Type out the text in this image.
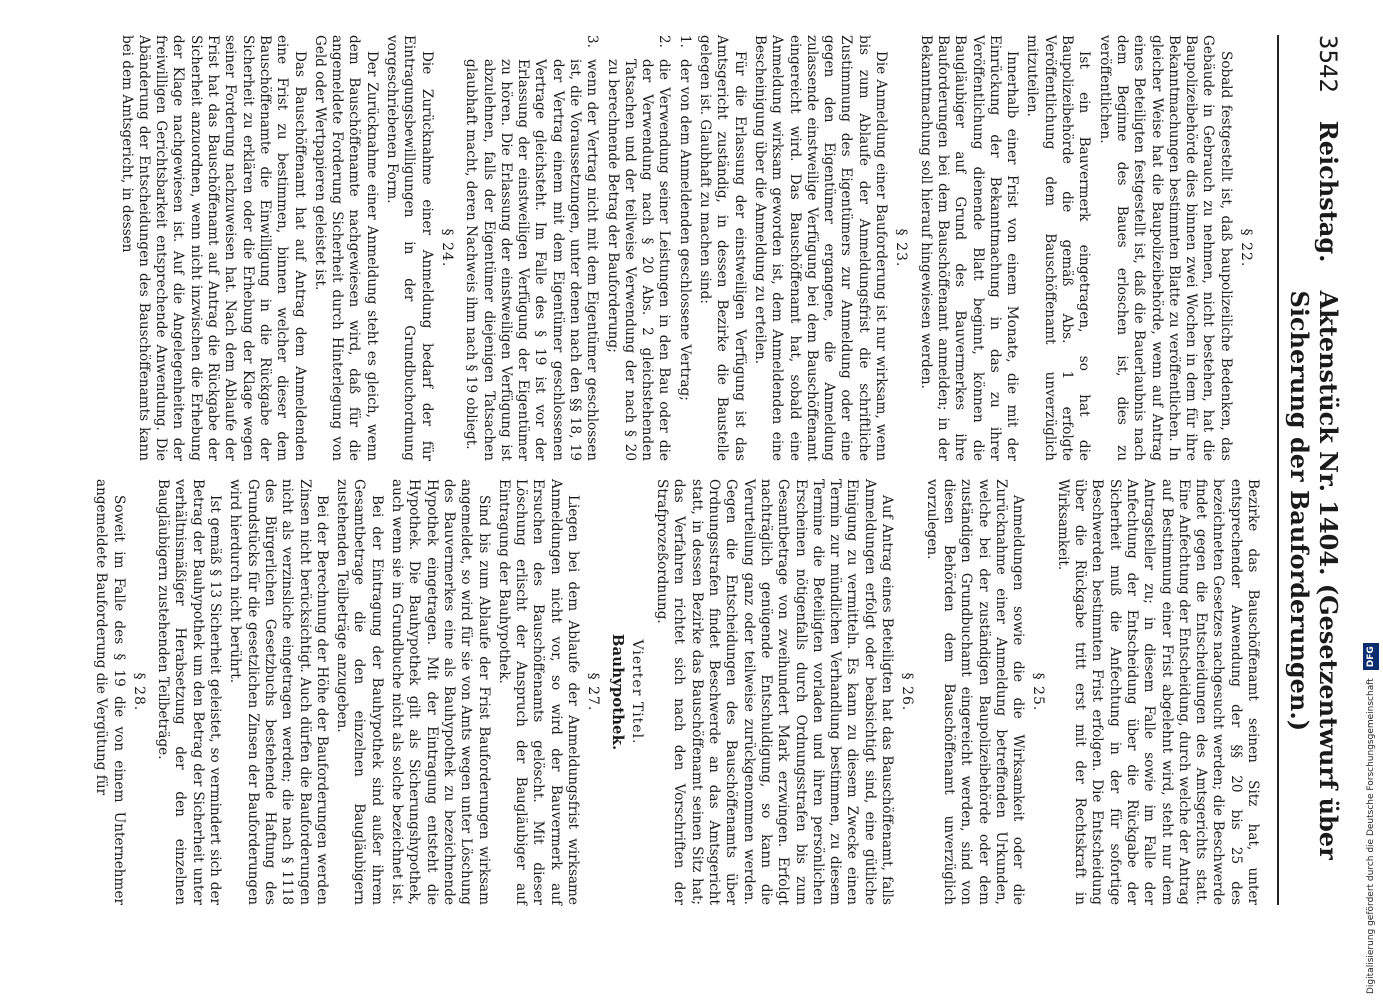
3542
Reichstag.
Aktenstück Nr. 1404. (Gesetzentwurf über Sicherung der Bauforderungen.)
§ 22.

Sobald festgestellt ist, daß baupolizeiliche Bedenken, das Gebäude in Gebrauch zu nehmen, nicht bestehen, hat die Baupolizeibehörde dies binnen zwei Wochen in dem für ihre Bekanntmachungen bestimmten Blatte zu veröffentlichen. In gleicher Weise hat die Baupolizeibehörde, wenn auf Antrag eines Beteiligten festgestellt ist, daß die Bauerlaubnis nach dem Beginne des Baues erloschen ist, dies zu veröffentlichen.

Ist ein Bauvermerk eingetragen, so hat die Baupolizeibehörde die gemäß Abs. 1 erfolgte Veröffentlichung dem Bauschöffenamt unverzüglich mitzuteilen.

Innerhalb einer Frist von einem Monate, die mit der Einrückung der Bekanntmachung in das zu ihrer Veröffentlichung dienende Blatt beginnt, können die Baugläubiger auf Grund des Bauvermerkes ihre Bauforderungen bei dem Bauschöffenamt anmelden; in der Bekanntmachung soll hierauf hingewiesen werden.

§ 23.

Die Anmeldung einer Bauforderung ist nur wirksam, wenn bis zum Ablaufe der Anmeldungsfrist die schriftliche Zustimmung des Eigentümers zur Anmeldung oder eine gegen den Eigentümer ergangene, die Anmeldung zulassende einstweilige Verfügung bei dem Bauschöffenamt eingereicht wird. Das Bauschöffenamt hat, sobald eine Anmeldung wirksam geworden ist, dem Anmeldenden eine Bescheinigung über die Anmeldung zu erteilen.

Für die Erlassung der einstweiligen Verfügung ist das Amtsgericht zuständig, in dessen Bezirke die Baustelle gelegen ist. Glaubhaft zu machen sind:

1.
der von dem Anmeldenden geschlossene Vertrag;
2.
die Verwendung seiner Leistungen in den Bau oder die der Verwendung nach § 20 Abs. 2 gleichstehenden Tatsachen und der teilweise Verwendung der nach § 20 zu berechnende Betrag der Bauforderung;
3.
wenn der Vertrag nicht mit dem Eigentümer geschlossen ist, die Voraussetzungen, unter denen nach den §§ 18, 19 der Vertrag einem mit dem Eigentümer geschlossenen Vertrage gleichsteht. Im Falle des § 19 ist vor der Erlassung der einstweiligen Verfügung der Eigentümer zu hören. Die Erlassung der einstweiligen Verfügung ist abzulehnen, falls der Eigentümer diejenigen Tatsachen glaubhaft macht, deren Nachweis ihm nach § 19 obliegt.
§ 24.

Die Zurücknahme einer Anmeldung bedarf der für Eintragungsbewilligungen in der Grundbuchordnung vorgeschriebenen Form.

Der Zurücknahme einer Anmeldung steht es gleich, wenn dem Bauschöffenamte nachgewiesen wird, daß für die angemeldete Forderung Sicherheit durch Hinterlegung von Geld oder Wertpapieren geleistet ist.

Das Bauschöffenamt hat auf Antrag dem Anmeldenden eine Frist zu bestimmen, binnen welcher dieser dem Bauschöffenamte die Einwilligung in die Rückgabe der Sicherheit zu erklären oder die Erhebung der Klage wegen seiner Forderung nachzuweisen hat. Nach dem Ablaufe der Frist hat das Bauschöffenamt auf Antrag die Rückgabe der Sicherheit anzuordnen, wenn nicht inzwischen die Erhebung der Klage nachgewiesen ist. Auf die Angelegenheiten der freiwilligen Gerichtsbarkeit entsprechende Anwendung. Die Abänderung der Entscheidungen des Bauschöffenamts kann bei dem Amtsgericht, in dessen

Bezirke das Bauschöffenamt seinen Sitz hat, unter entsprechender Anwendung der §§ 20 bis 25 des bezeichneten Gesetzes nachgesucht werden; die Beschwerde findet gegen die Entscheidungen des Amtsgerichts statt. Eine Anfechtung der Entscheidung, durch welche der Antrag auf Bestimmung einer Frist abgelehnt wird, steht nur dem Antragsteller zu; in diesem Falle sowie im Falle der Anfechtung der Entscheidung über die Rückgabe der Sicherheit muß die Anfechtung in der für sofortige Beschwerden bestimmten Frist erfolgen. Die Entscheidung über die Rückgabe tritt erst mit der Rechtskraft in Wirksamkeit.

§ 25.

Anmeldungen sowie die die Wirksamkeit oder die Zurücknahme einer Anmeldung betreffenden Urkunden, welche bei der zuständigen Baupolizeibehörde oder dem zuständigen Grundbuchamt eingereicht werden, sind von diesen Behörden dem Bauschöffenamt unverzüglich vorzulegen.

§ 26.

Auf Antrag eines Beteiligten hat das Bauschöffenamt, falls Anmeldungen erfolgt oder beabsichtigt sind, eine gütliche Einigung zu vermitteln. Es kann zu diesem Zwecke einen Termin zur mündlichen Verhandlung bestimmen, zu diesem Termine die Beteiligten vorladen und ihren persönlichen Erscheinen nötigenfalls durch Ordnungsstrafen bis zum Gesamtbetrage von zweihundert Mark erzwingen. Erfolgt nachträglich genügende Entschuldigung, so kann die Verurteilung ganz oder teilweise zurückgenommen werden. Gegen die Entscheidungen des Bauschöffenamts über Ordnungsstrafen findet Beschwerde an das Amtsgericht statt, in dessen Bezirke das Bauschöffenamt seinen Sitz hat; das Verfahren richtet sich nach den Vorschriften der Strafprozeßordnung.

Vierter Titel.
Bauhypothek.
§ 27.

Liegen bei dem Ablaufe der Anmeldungsfrist wirksame Anmeldungen nicht vor, so wird der Bauvermerk auf Ersuchen des Bauschöffenamts gelöscht. Mit dieser Löschung erlischt der Anspruch der Baugläubiger auf Eintragung der Bauhypothek.

Sind bis zum Ablaufe der Frist Bauforderungen wirksam angemeldet, so wird für sie von Amts wegen unter Löschung des Bauvermerkes eine als Bauhypothek zu bezeichnende Hypothek eingetragen. Mit der Eintragung entsteht die Hypothek. Die Bauhypothek gilt als Sicherungshypothek, auch wenn sie im Grundbuche nicht als solche bezeichnet ist.

Bei der Eintragung der Bauhypothek sind außer ihrem Gesamtbetrage die den einzelnen Baugläubigern zustehenden Teilbeträge anzugeben.

Bei der Berechnung der Höhe der Bauforderungen werden Zinsen nicht berücksichtigt. Auch dürfen die Bauforderungen nicht als verzinsliche eingetragen werden; die nach § 1118 des Bürgerlichen Gesetzbuchs bestehende Haftung des Grundstücks für die gesetzlichen Zinsen der Bauforderungen wird hierdurch nicht berührt.

Ist gemäß § 13 Sicherheit geleistet, so vermindert sich der Betrag der Bauhypothek um den Betrag der Sicherheit unter verhältnismäßiger Herabsetzung der den einzelnen Baugläubigern zustehenden Teilbeträge.

§ 28.

Soweit im Falle des § 19 die von einem Unternehmer angemeldete Bauforderung die Vergütung für

Digitalisierung gefördert durch die Deutsche Forschungsgemeinschaft
DFG
